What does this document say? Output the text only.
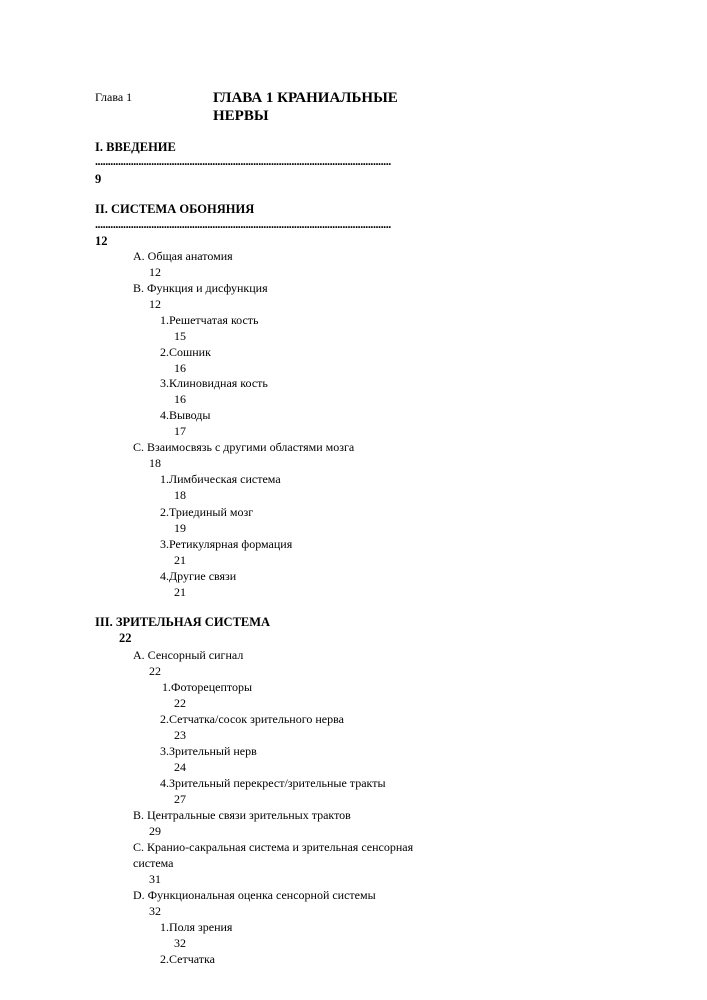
Глава 1	ГЛАВА 1 КРАНИАЛЬНЫЕ
НЕРВЫ
I. ВВЕДЕНИЕ
....................................................................................................................
9
II. СИСТЕМА ОБОНЯНИЯ
....................................................................................................................
12
A. Общая анатомия
12
B. Функция и дисфункция
12
1.Решетчатая кость
15
2.Сошник
16
3.Клиновидная кость
16
4.Выводы
17
C. Взаимосвязь с другими областями мозга
18
1.Лимбическая система
18
2.Триединый мозг
19
3.Ретикулярная формация
21
4.Другие связи
21
III. ЗРИТЕЛЬНАЯ СИСТЕМА
22
A. Сенсорный сигнал
22
1.Фоторецепторы
22
2.Сетчатка/сосок зрительного нерва
23
3.Зрительный нерв
24
4.Зрительный перекрест/зрительные тракты
27
B. Центральные связи зрительных трактов
29
C. Кранио-сакральная система и зрительная сенсорная
система
31
D. Функциональная оценка сенсорной системы
32
1.Поля зрения
32
2.Сетчатка
